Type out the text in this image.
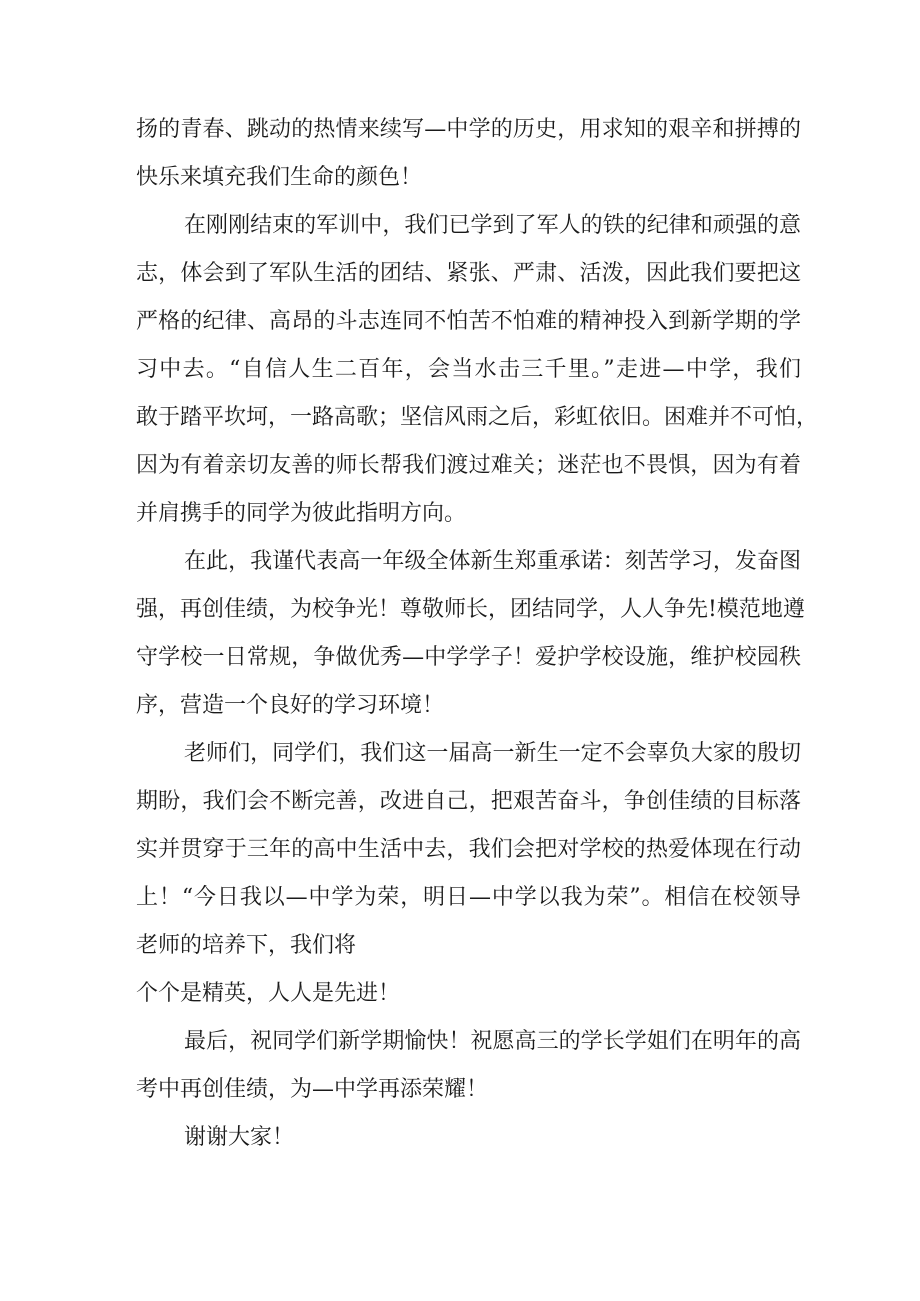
扬的青春、跳动的热情来续写—中学的历史，用求知的艰辛和拼搏的
快乐来填充我们生命的颜色！
在刚刚结束的军训中，我们已学到了军人的铁的纪律和顽强的意
志，体会到了军队生活的团结、紧张、严肃、活泼，因此我们要把这
严格的纪律、高昂的斗志连同不怕苦不怕难的精神投入到新学期的学
习中去。“自信人生二百年，会当水击三千里。”走进—中学，我们
敢于踏平坎坷，一路高歌；坚信风雨之后，彩虹依旧。困难并不可怕，
因为有着亲切友善的师长帮我们渡过难关；迷茫也不畏惧，因为有着
并肩携手的同学为彼此指明方向。
在此，我谨代表高一年级全体新生郑重承诺：刻苦学习，发奋图
强，再创佳绩，为校争光！尊敬师长，团结同学，人人争先!模范地遵
守学校一日常规，争做优秀—中学学子！爱护学校设施，维护校园秩
序，营造一个良好的学习环境！
老师们，同学们，我们这一届高一新生一定不会辜负大家的殷切
期盼，我们会不断完善，改进自己，把艰苦奋斗，争创佳绩的目标落
实并贯穿于三年的高中生活中去，我们会把对学校的热爱体现在行动
上！“今日我以—中学为荣，明日—中学以我为荣”。相信在校领导
老师的培养下，我们将
个个是精英，人人是先进！
最后，祝同学们新学期愉快！祝愿高三的学长学姐们在明年的高
考中再创佳绩，为—中学再添荣耀！
谢谢大家！
